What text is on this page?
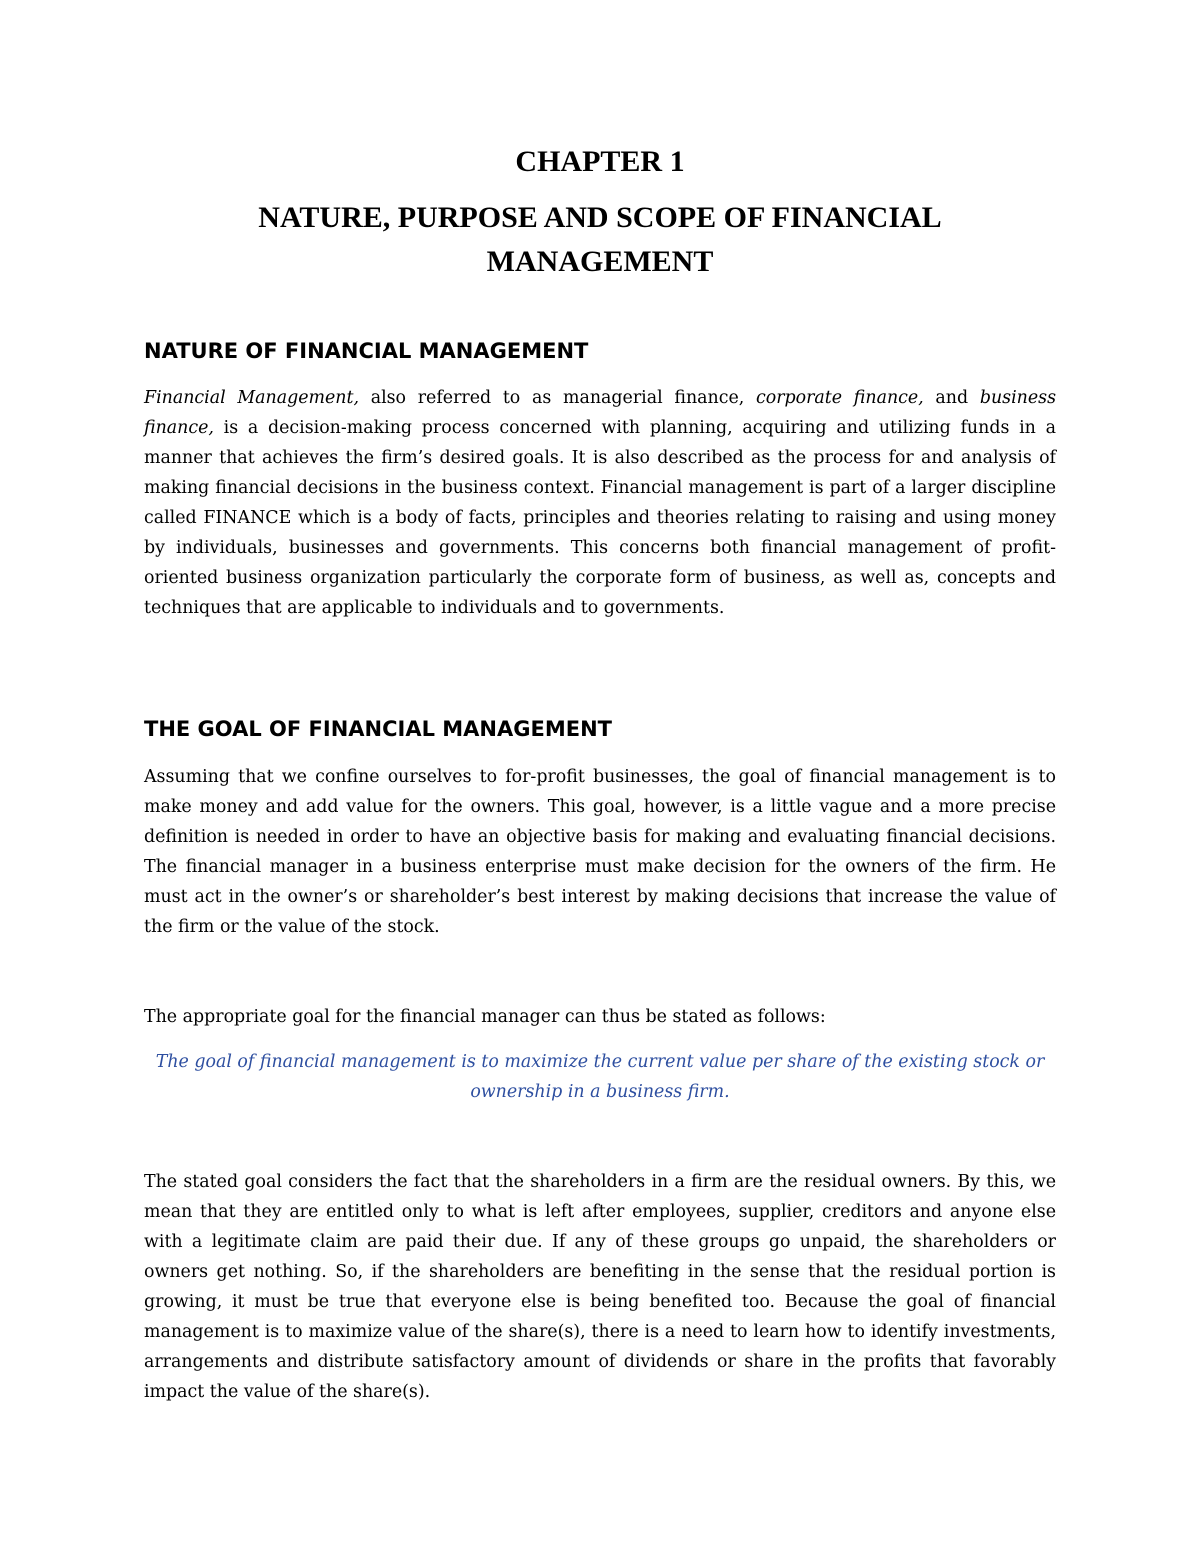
CHAPTER 1
NATURE, PURPOSE AND SCOPE OF FINANCIAL MANAGEMENT
NATURE OF FINANCIAL MANAGEMENT
Financial Management, also referred to as managerial finance, corporate finance, and business finance, is a decision-making process concerned with planning, acquiring and utilizing funds in a manner that achieves the firm’s desired goals. It is also described as the process for and analysis of making financial decisions in the business context. Financial management is part of a larger discipline called FINANCE which is a body of facts, principles and theories relating to raising and using money by individuals, businesses and governments. This concerns both financial management of profit-oriented business organization particularly the corporate form of business, as well as, concepts and techniques that are applicable to individuals and to governments.
THE GOAL OF FINANCIAL MANAGEMENT
Assuming that we confine ourselves to for-profit businesses, the goal of financial management is to make money and add value for the owners. This goal, however, is a little vague and a more precise definition is needed in order to have an objective basis for making and evaluating financial decisions. The financial manager in a business enterprise must make decision for the owners of the firm. He must act in the owner’s or shareholder’s best interest by making decisions that increase the value of the firm or the value of the stock.
The appropriate goal for the financial manager can thus be stated as follows:
The goal of financial management is to maximize the current value per share of the existing stock or ownership in a business firm.
The stated goal considers the fact that the shareholders in a firm are the residual owners. By this, we mean that they are entitled only to what is left after employees, supplier, creditors and anyone else with a legitimate claim are paid their due. If any of these groups go unpaid, the shareholders or owners get nothing. So, if the shareholders are benefiting in the sense that the residual portion is growing, it must be true that everyone else is being benefited too. Because the goal of financial management is to maximize value of the share(s), there is a need to learn how to identify investments, arrangements and distribute satisfactory amount of dividends or share in the profits that favorably impact the value of the share(s).
